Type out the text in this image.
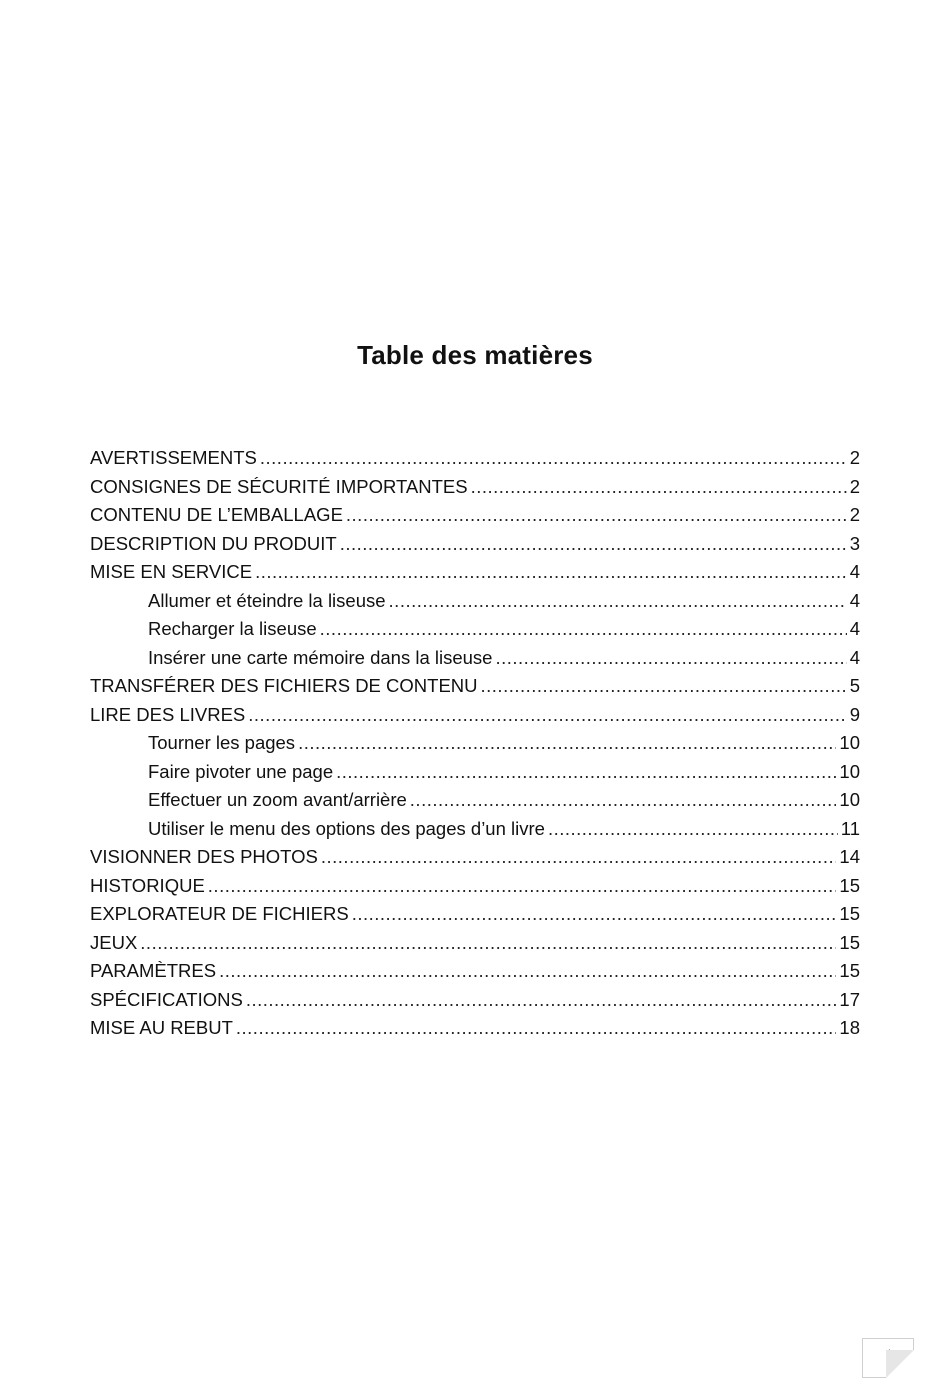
Table des matières
AVERTISSEMENTS .....	2
CONSIGNES DE SÉCURITÉ IMPORTANTES .....	2
CONTENU DE L’EMBALLAGE .....	2
DESCRIPTION DU PRODUIT .....	3
MISE EN SERVICE .....	4
Allumer et éteindre la liseuse .....	4
Recharger la liseuse .....	4
Insérer une carte mémoire dans la liseuse .....	4
TRANSFÉRER DES FICHIERS DE CONTENU .....	5
LIRE DES LIVRES .....	9
Tourner les pages .....	10
Faire pivoter une page .....	10
Effectuer un zoom avant/arrière .....	10
Utiliser le menu des options des pages d’un livre .....	11
VISIONNER DES PHOTOS .....	14
HISTORIQUE .....	15
EXPLORATEUR DE FICHIERS .....	15
JEUX .....	15
PARAMÈTRES .....	15
SPÉCIFICATIONS .....	17
MISE AU REBUT .....	18
1
